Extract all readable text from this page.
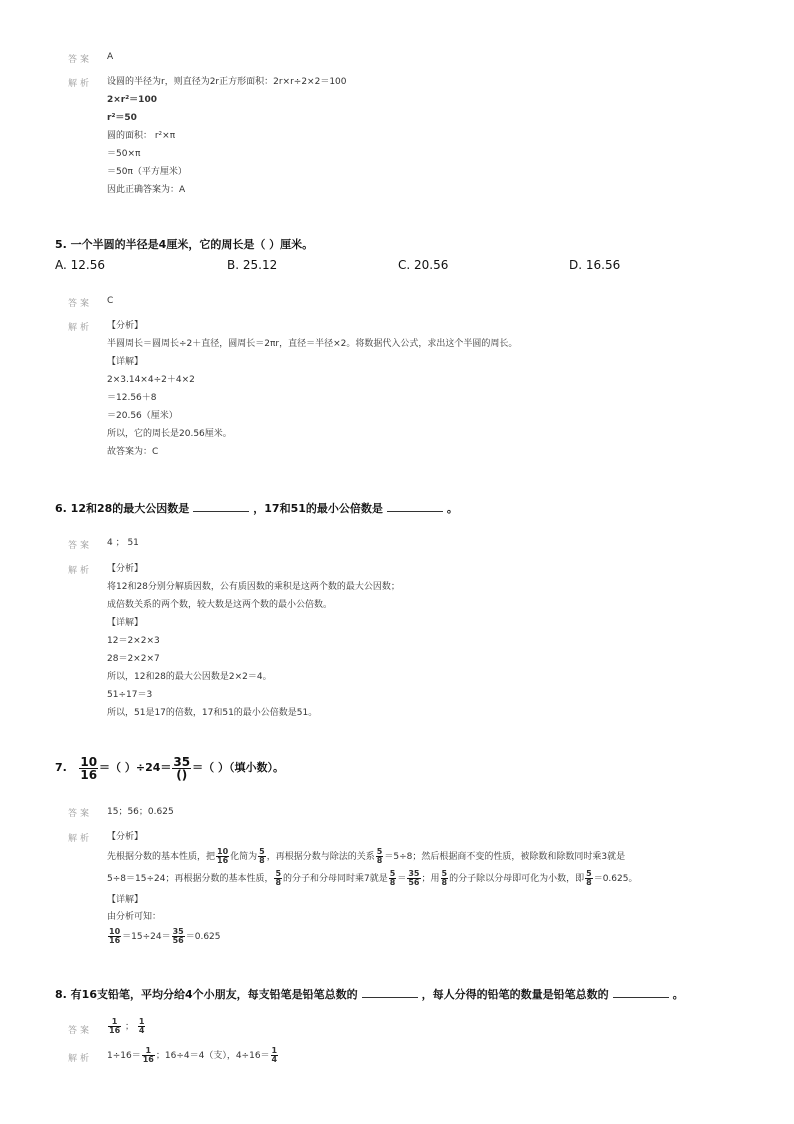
答案 A
解析 设圆的半径为r，则直径为2r正方形面积：2r×r÷2×2＝100
2×r²＝100
r²＝50
圆的面积： r²×π
＝50×π
＝50π（平方厘米）
因此正确答案为：A
5. 一个半圆的半径是4厘米，它的周长是（ ）厘米。
A. 12.56	B. 25.12	C. 20.56	D. 16.56
答案 C
解析 【分析】
半圆周长＝圆周长÷2＋直径，圆周长＝2πr，直径＝半径×2。将数据代入公式，求出这个半圆的周长。
【详解】
2×3.14×4÷2＋4×2
＝12.56＋8
＝20.56（厘米）
所以，它的周长是20.56厘米。
故答案为：C
6. 12和28的最大公因数是	，17和51的最小公倍数是	。
答案 4 ； 51
解析 【分析】
将12和28分别分解质因数，公有质因数的乘积是这两个数的最大公因数；
成倍数关系的两个数，较大数是这两个数的最小公倍数。
【详解】
12＝2×2×3
28＝2×2×7
所以，12和28的最大公因数是2×2＝4。
51÷17＝3
所以，51是17的倍数，17和51的最小公倍数是51。
7. $\frac{10}{16}$ ＝（ ）$\div 24= \frac{35}{()}$ ＝（ ）（填小数）。
答案 15；56；0.625
解析 【分析】
先根据分数的基本性质，把 $\frac{10}{16}$ 化简为 $\frac{5}{8}$ ，再根据分数与除法的关系 $\frac{5}{8} =5\div 8$；然后根据商不变的性质，被除数和除数同时乘3就是
5÷8＝15÷24；再根据分数的基本性质， $\frac{5}{8}$ 的分子和分母同时乘7就是 $\frac{5}{8} = \frac{35}{56}$ ；用 $\frac{5}{8}$ 的分子除以分母即可化为小数，即 $\frac{5}{8} =0.625$。
【详解】
由分析可知：
$\frac{10}{16} =15\div 24= \frac{35}{56} =0.625$
8. 有16支铅笔，平均分给4个小朋友，每支铅笔是铅笔总数的	，每人分得的铅笔的数量是铅笔总数的	。
答案 $\frac{1}{16}$ ； $\frac{1}{4}$
解析 $1\div 16= \frac{1}{16}$ ；16÷4＝4（支），$4\div 16= \frac{1}{4}$
